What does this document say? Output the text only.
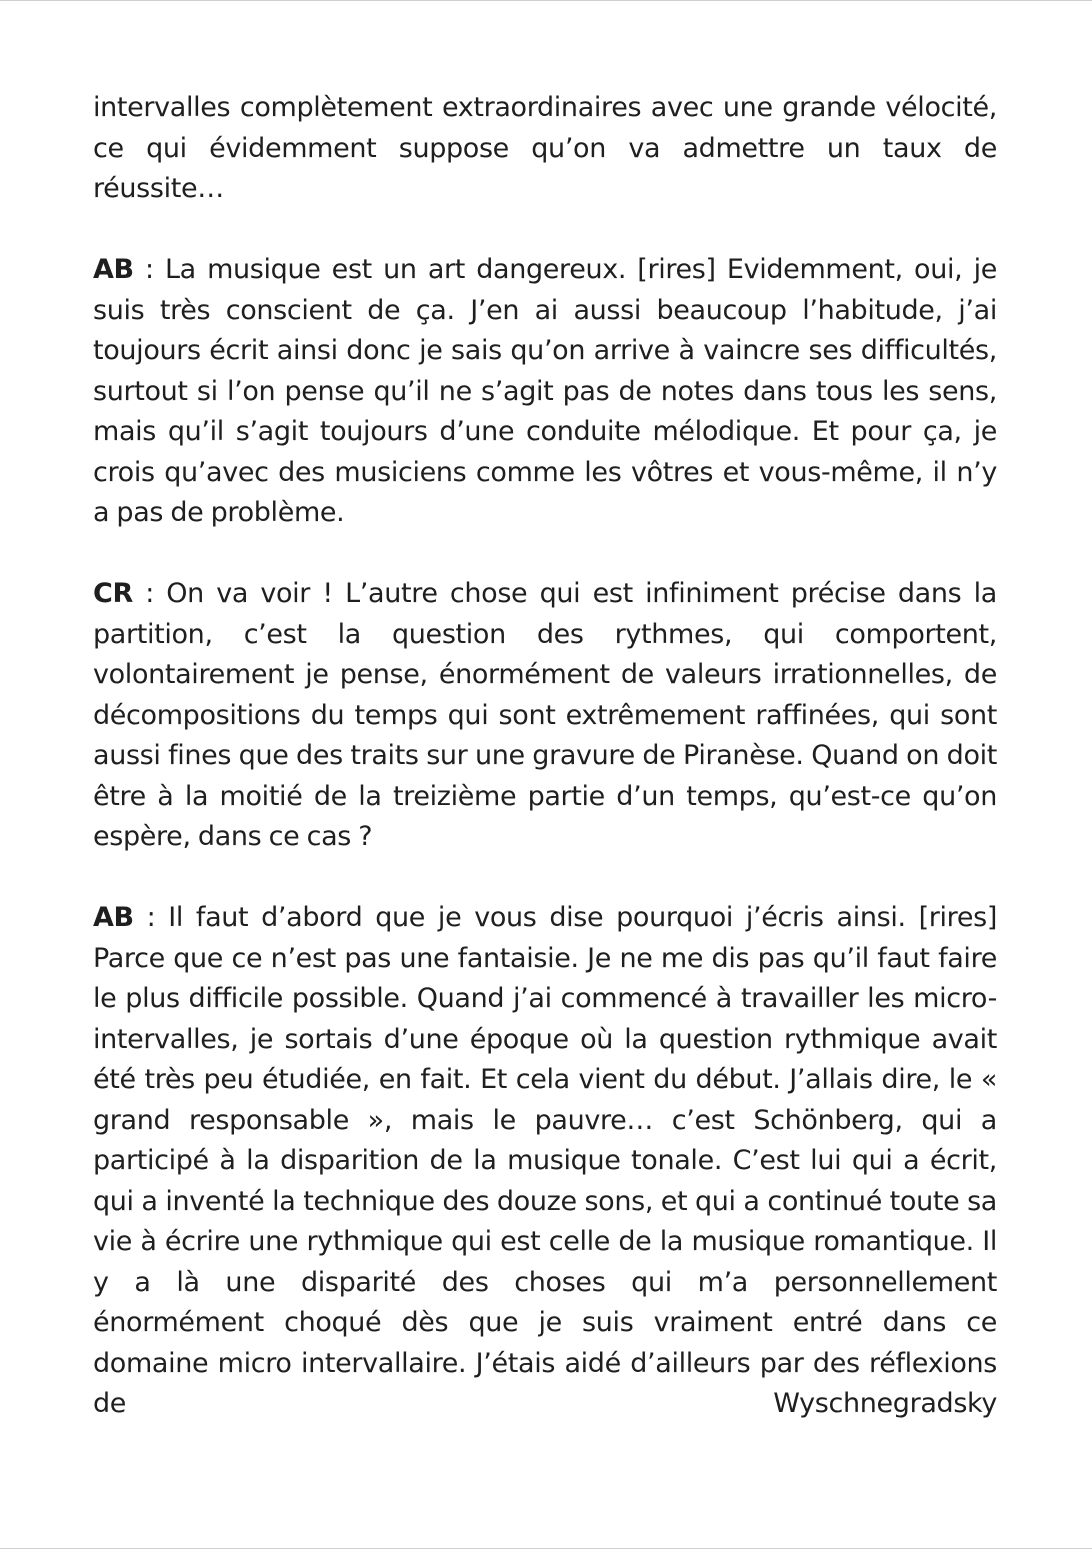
intervalles complètement extraordinaires avec une grande vélocité, ce qui évidemment suppose qu’on va admettre un taux de réussite…

AB : La musique est un art dangereux. [rires] Evidemment, oui, je suis très conscient de ça. J’en ai aussi beaucoup l’habitude, j’ai toujours écrit ainsi donc je sais qu’on arrive à vaincre ses difficultés, surtout si l’on pense qu’il ne s’agit pas de notes dans tous les sens, mais qu’il s’agit toujours d’une conduite mélodique. Et pour ça, je crois qu’avec des musiciens comme les vôtres et vous-même, il n’y a pas de problème.

CR : On va voir ! L’autre chose qui est infiniment précise dans la partition, c’est la question des rythmes, qui comportent, volontairement je pense, énormément de valeurs irrationnelles, de décompositions du temps qui sont extrêmement raffinées, qui sont aussi fines que des traits sur une gravure de Piranèse. Quand on doit être à la moitié de la treizième partie d’un temps, qu’est-ce qu’on espère, dans ce cas ?

AB : Il faut d’abord que je vous dise pourquoi j’écris ainsi. [rires] Parce que ce n’est pas une fantaisie. Je ne me dis pas qu’il faut faire le plus difficile possible. Quand j’ai commencé à travailler les micro-intervalles, je sortais d’une époque où la question rythmique avait été très peu étudiée, en fait. Et cela vient du début. J’allais dire, le « grand responsable », mais le pauvre… c’est Schönberg, qui a participé à la disparition de la musique tonale. C’est lui qui a écrit, qui a inventé la technique des douze sons, et qui a continué toute sa vie à écrire une rythmique qui est celle de la musique romantique. Il y a là une disparité des choses qui m’a personnellement énormément choqué dès que je suis vraiment entré dans ce domaine micro intervallaire. J’étais aidé d’ailleurs par des réflexions de Wyschnegradsky
